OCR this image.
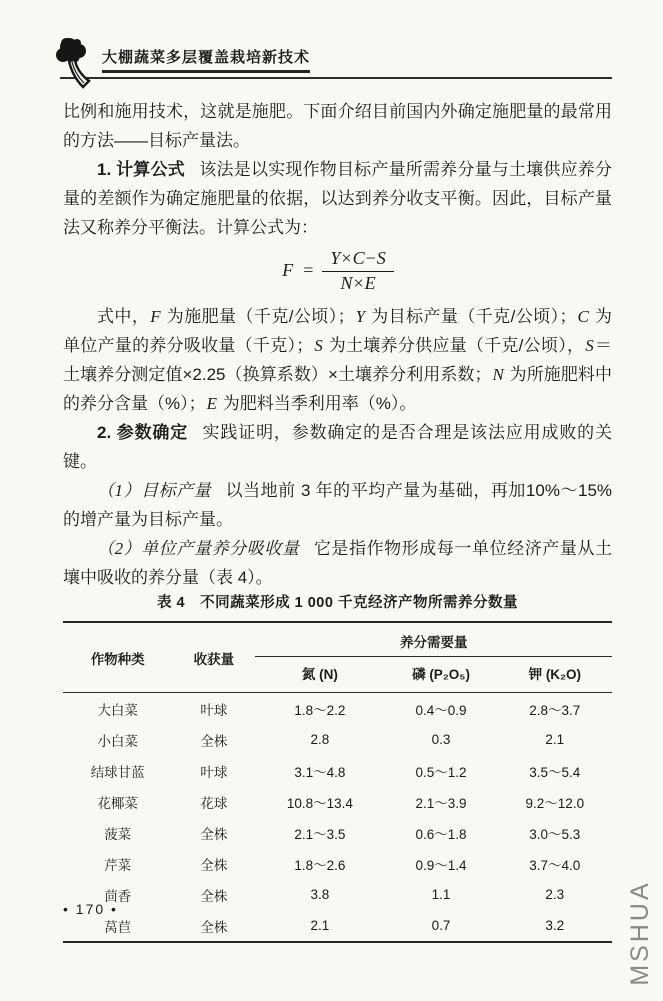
大棚蔬菜多层覆盖栽培新技术

比例和施用技术，这就是施肥。下面介绍目前国内外确定施肥量的最常用的方法——目标产量法。

1. 计算公式 该法是以实现作物目标产量所需养分量与土壤供应养分量的差额作为确定施肥量的依据，以达到养分收支平衡。因此，目标产量法又称养分平衡法。计算公式为：

$F = \frac{Y\times C-S}{N\times E}$

式中，F 为施肥量（千克/公顷）；Y 为目标产量（千克/公顷）；C 为单位产量的养分吸收量（千克）；S 为土壤养分供应量（千克/公顷），S＝土壤养分测定值×2.25（换算系数）×土壤养分利用系数；N 为所施肥料中的养分含量（%）；E 为肥料当季利用率（%）。

2. 参数确定 实践证明，参数确定的是否合理是该法应用成败的关键。

（1）目标产量 以当地前 3 年的平均产量为基础，再加10%～15%的增产量为目标产量。

（2）单位产量养分吸收量 它是指作物形成每一单位经济产量从土壤中吸收的养分量（表 4）。

表 4　不同蔬菜形成 1 000 千克经济产物所需养分数量

作物种类	收获量	养分需要量		
		氮 (N)	磷 (P₂O₅)	钾 (K₂O)
大白菜	叶球	1.8～2.2	0.4～0.9	2.8～3.7
小白菜	全株	2.8	0.3	2.1
结球甘蓝	叶球	3.1～4.8	0.5～1.2	3.5～5.4
花椰菜	花球	10.8～13.4	2.1～3.9	9.2～12.0
菠菜	全株	2.1～3.5	0.6～1.8	3.0～5.3
芹菜	全株	1.8～2.6	0.9～1.4	3.7～4.0
茴香	全株	3.8	1.1	2.3
莴苣	全株	2.1	0.7	3.2
• 170 •	MSHUA
